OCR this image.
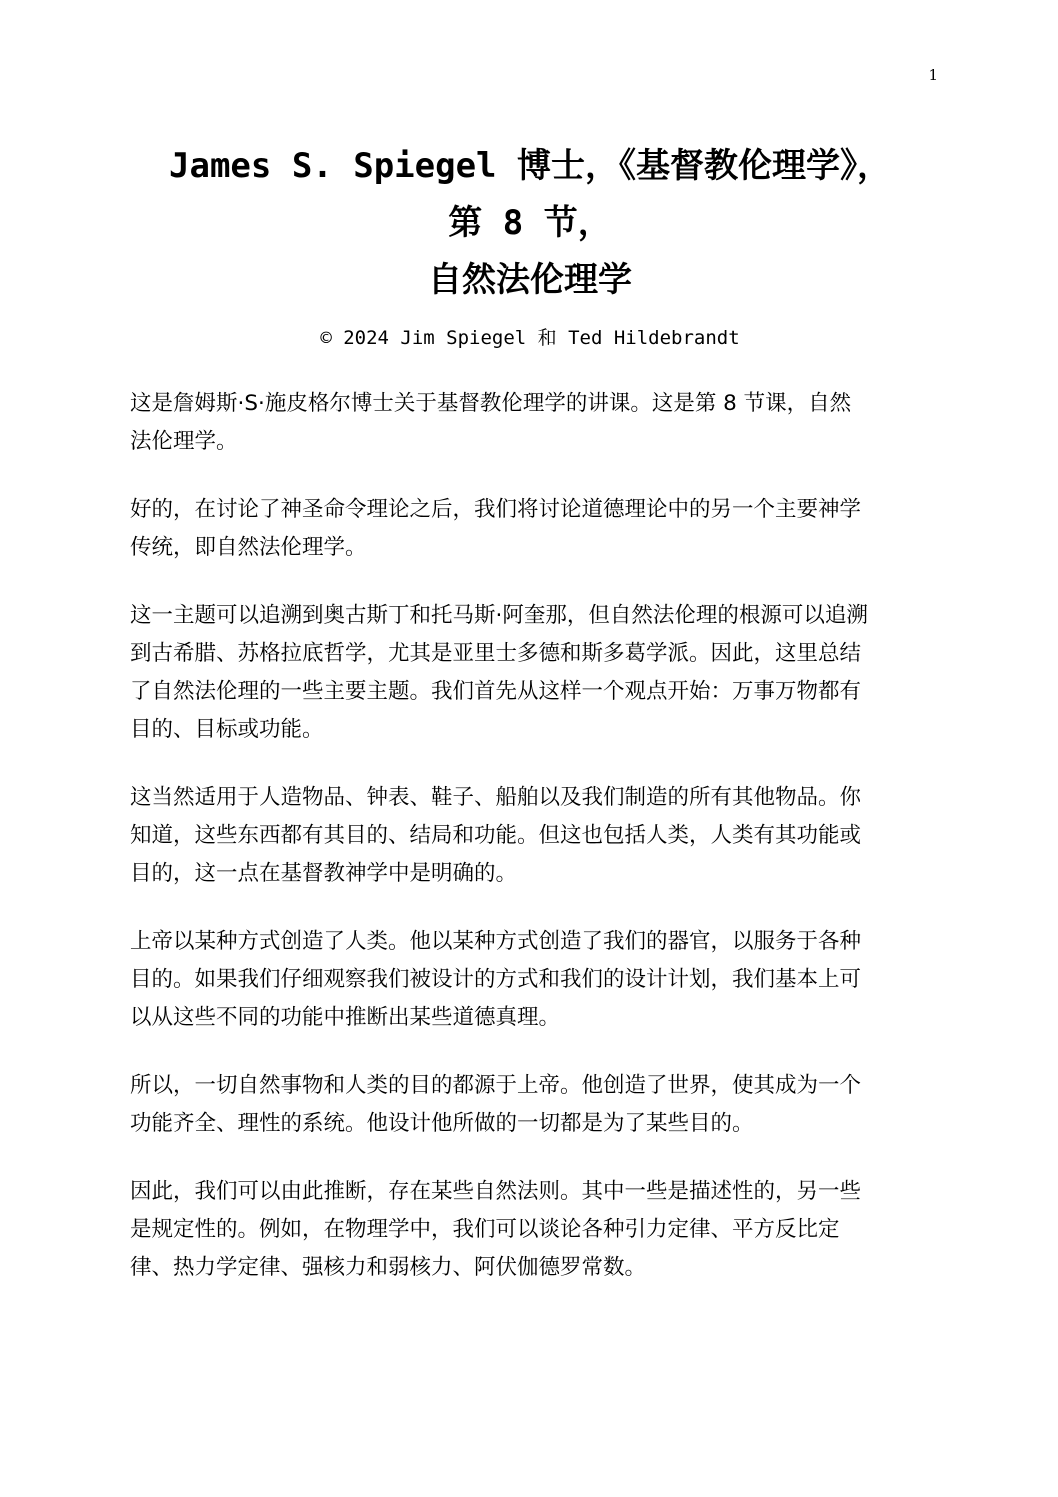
1
James S. Spiegel 博士，《基督教伦理学》，
第 8 节，
自然法伦理学
© 2024 Jim Spiegel 和 Ted Hildebrandt

这是詹姆斯·S·施皮格尔博士关于基督教伦理学的讲课。这是第 8 节课，自然
法伦理学。

好的，在讨论了神圣命令理论之后，我们将讨论道德理论中的另一个主要神学
传统，即自然法伦理学。

这一主题可以追溯到奥古斯丁和托马斯·阿奎那，但自然法伦理的根源可以追溯
到古希腊、苏格拉底哲学，尤其是亚里士多德和斯多葛学派。因此，这里总结
了自然法伦理的一些主要主题。我们首先从这样一个观点开始：万事万物都有
目的、目标或功能。

这当然适用于人造物品、钟表、鞋子、船舶以及我们制造的所有其他物品。你
知道，这些东西都有其目的、结局和功能。但这也包括人类，人类有其功能或
目的，这一点在基督教神学中是明确的。

上帝以某种方式创造了人类。他以某种方式创造了我们的器官，以服务于各种
目的。如果我们仔细观察我们被设计的方式和我们的设计计划，我们基本上可
以从这些不同的功能中推断出某些道德真理。

所以，一切自然事物和人类的目的都源于上帝。他创造了世界，使其成为一个
功能齐全、理性的系统。他设计他所做的一切都是为了某些目的。

因此，我们可以由此推断，存在某些自然法则。其中一些是描述性的，另一些
是规定性的。例如，在物理学中，我们可以谈论各种引力定律、平方反比定
律、热力学定律、强核力和弱核力、阿伏伽德罗常数。
